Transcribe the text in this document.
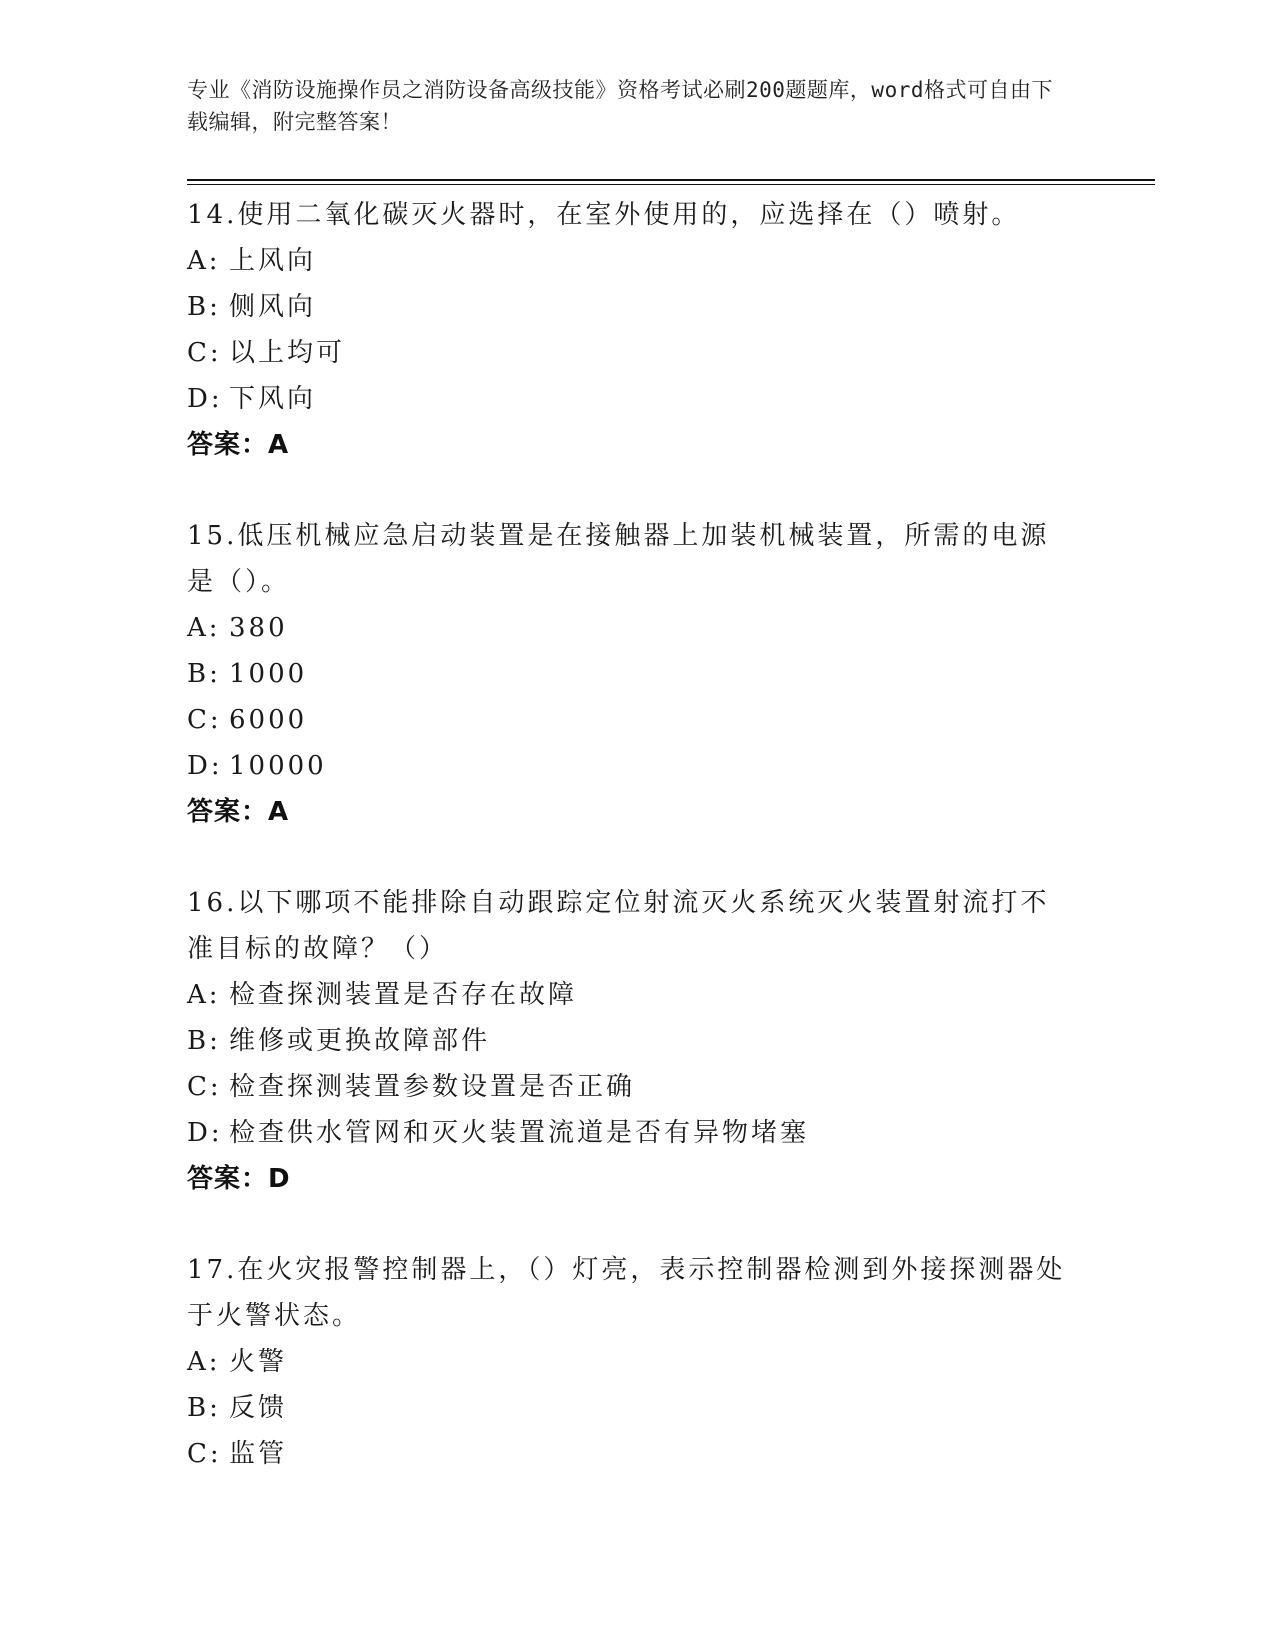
专业《消防设施操作员之消防设备高级技能》资格考试必刷200题题库，word格式可自由下载编辑，附完整答案！

14.使用二氧化碳灭火器时，在室外使用的，应选择在（）喷射。

A: 上风向
B: 侧风向
C: 以上均可
D: 下风向
答案：A

15.低压机械应急启动装置是在接触器上加装机械装置，所需的电源是（）。

A: 380
B: 1000
C: 6000
D: 10000
答案：A

16.以下哪项不能排除自动跟踪定位射流灭火系统灭火装置射流打不准目标的故障？（）

A: 检查探测装置是否存在故障
B: 维修或更换故障部件
C: 检查探测装置参数设置是否正确
D: 检查供水管网和灭火装置流道是否有异物堵塞
答案：D

17.在火灾报警控制器上，（）灯亮，表示控制器检测到外接探测器处于火警状态。

A: 火警
B: 反馈
C: 监管
